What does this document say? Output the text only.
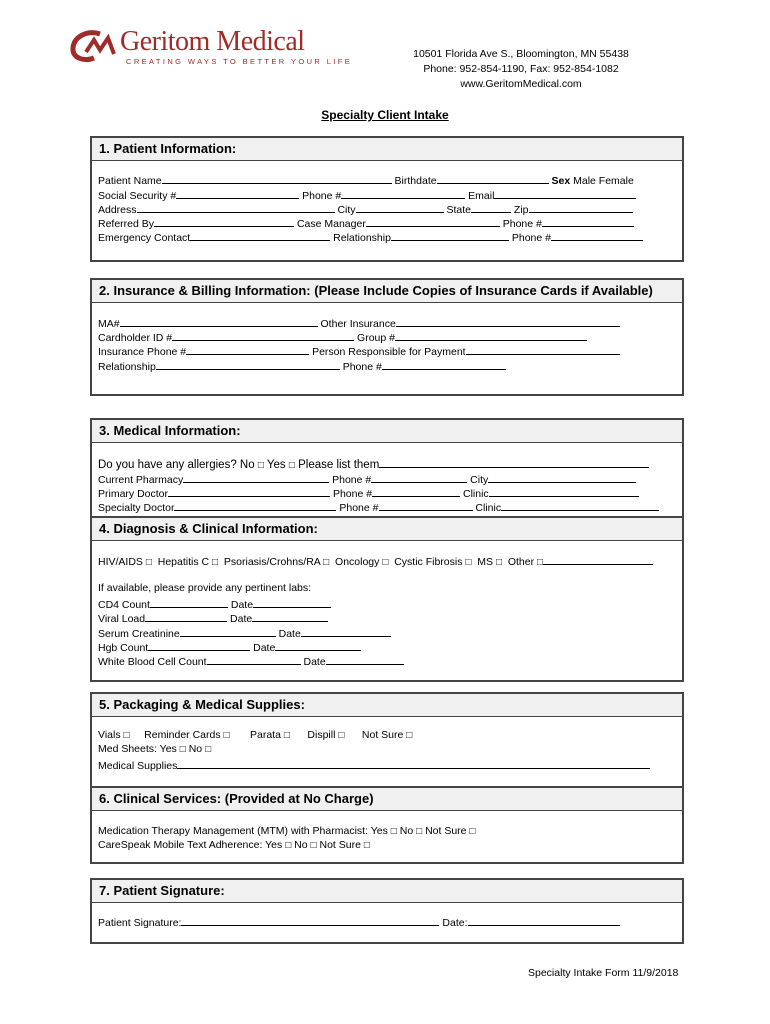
Geritom Medical
CREATING WAYS TO BETTER YOUR LIFE
10501 Florida Ave S., Bloomington, MN 55438
Phone: 952-854-1190, Fax: 952-854-1082
www.GeritomMedical.com
Specialty Client Intake
1. Patient Information:
Patient Name	Birthdate	Sex Male Female
Social Security #	Phone #	Email
Address	City	State	Zip
Referred By	Case Manager	Phone #
Emergency Contact	Relationship	Phone #
2. Insurance & Billing Information: (Please Include Copies of Insurance Cards if Available)
MA#	Other Insurance
Cardholder ID #	Group #
Insurance Phone #	Person Responsible for Payment
Relationship	Phone #
3. Medical Information:
4. Diagnosis & Clinical Information:
Do you have any allergies? No □ Yes □ Please list them
Current Pharmacy	Phone #	City
Primary Doctor	Phone #	Clinic
Specialty Doctor	Phone #	Clinic
HIV/AIDS □ Hepatitis C □ Psoriasis/Crohns/RA □ Oncology □ Cystic Fibrosis □ MS □ Other □
If available, please provide any pertinent labs:
CD4 Count	Date
Viral Load	Date
Serum Creatinine	Date
Hgb Count	Date
White Blood Cell Count	Date
5. Packaging & Medical Supplies:
6. Clinical Services: (Provided at No Charge)
Vials □ Reminder Cards □ Parata □ Dispill □ Not Sure □
Med Sheets: Yes □ No □
Medical Supplies
Medication Therapy Management (MTM) with Pharmacist: Yes □ No □ Not Sure □
CareSpeak Mobile Text Adherence: Yes □ No □ Not Sure □
7. Patient Signature:
Patient Signature:	Date:
Specialty Intake Form 11/9/2018
